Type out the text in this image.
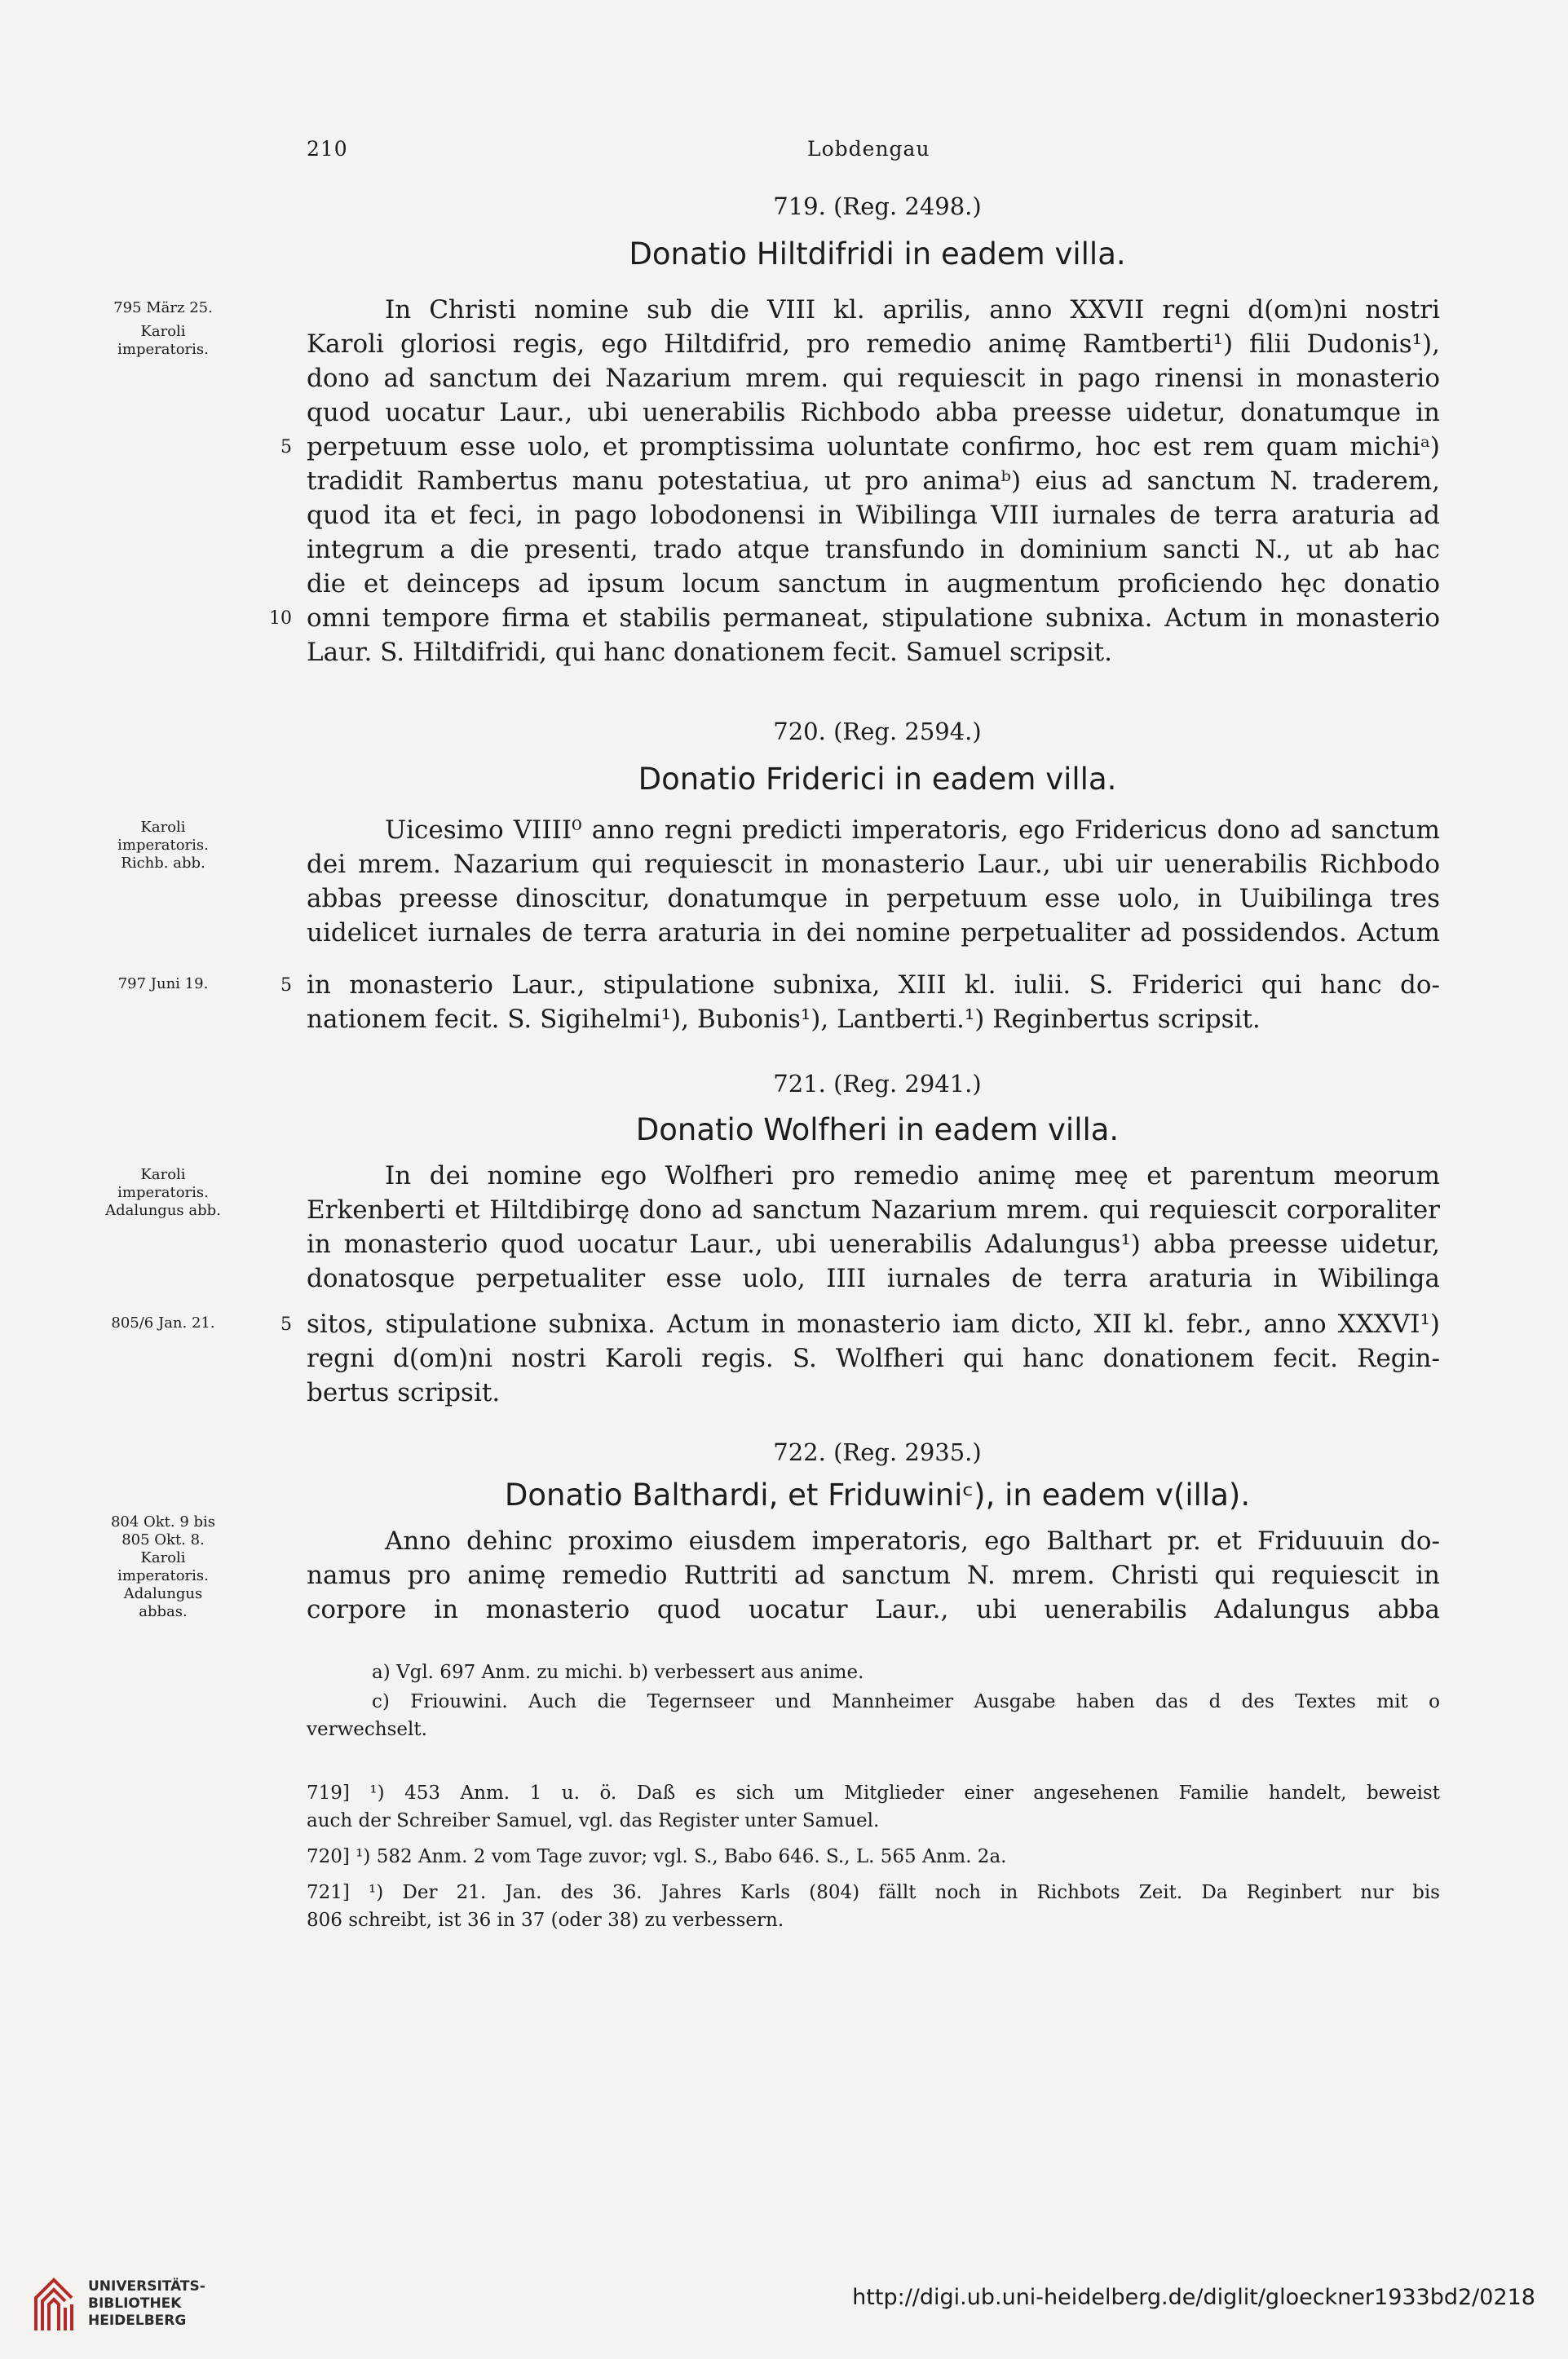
210	Lobdengau
719. (Reg. 2498.)
Donatio Hiltdifridi in eadem villa.
795 März 25.
Karoli
imperatoris.
In Christi nomine sub die VIII kl. aprilis, anno XXVII regni d(om)ni nostri
Karoli gloriosi regis, ego Hiltdifrid, pro remedio animę Ramtberti¹) filii Dudonis¹),
dono ad sanctum dei Nazarium mrem. qui requiescit in pago rinensi in monasterio
quod uocatur Laur., ubi uenerabilis Richbodo abba preesse uidetur, donatumque in
5 perpetuum esse uolo, et promptissima uoluntate confirmo, hoc est rem quam michiᵃ)
tradidit Rambertus manu potestatiua, ut pro animaᵇ) eius ad sanctum N. traderem,
quod ita et feci, in pago lobodonensi in Wibilinga VIII iurnales de terra araturia ad
integrum a die presenti, trado atque transfundo in dominium sancti N., ut ab hac
die et deinceps ad ipsum locum sanctum in augmentum proficiendo hęc donatio
10 omni tempore firma et stabilis permaneat, stipulatione subnixa. Actum in monasterio
Laur. S. Hiltdifridi, qui hanc donationem fecit. Samuel scripsit.
720. (Reg. 2594.)
Donatio Friderici in eadem villa.
Karoli
imperatoris.
Richb. abb.
797 Juni 19.
Uicesimo VIIII⁰ anno regni predicti imperatoris, ego Fridericus dono ad sanctum
dei mrem. Nazarium qui requiescit in monasterio Laur., ubi uir uenerabilis Richbodo
abbas preesse dinoscitur, donatumque in perpetuum esse uolo, in Uuibilinga tres
uidelicet iurnales de terra araturia in dei nomine perpetualiter ad possidendos. Actum
5 in monasterio Laur., stipulatione subnixa, XIII kl. iulii. S. Friderici qui hanc do-
nationem fecit. S. Sigihelmi¹), Bubonis¹), Lantberti.¹) Reginbertus scripsit.
721. (Reg. 2941.)
Donatio Wolfheri in eadem villa.
Karoli
imperatoris.
Adalungus abb.
805/6 Jan. 21.
In dei nomine ego Wolfheri pro remedio animę meę et parentum meorum
Erkenberti et Hiltdibirgę dono ad sanctum Nazarium mrem. qui requiescit corporaliter
in monasterio quod uocatur Laur., ubi uenerabilis Adalungus¹) abba preesse uidetur,
donatosque perpetualiter esse uolo, IIII iurnales de terra araturia in Wibilinga
5 sitos, stipulatione subnixa. Actum in monasterio iam dicto, XII kl. febr., anno XXXVI¹)
regni d(om)ni nostri Karoli regis. S. Wolfheri qui hanc donationem fecit. Regin-
bertus scripsit.
722. (Reg. 2935.)
Donatio Balthardi, et Friduwiniᶜ), in eadem v(illa).
804 Okt. 9 bis
805 Okt. 8.
Karoli
imperatoris.
Adalungus
abbas.
Anno dehinc proximo eiusdem imperatoris, ego Balthart pr. et Friduuuin do-
namus pro animę remedio Ruttriti ad sanctum N. mrem. Christi qui requiescit in
corpore in monasterio quod uocatur Laur., ubi uenerabilis Adalungus abba
a) Vgl. 697 Anm. zu michi. b) verbessert aus anime.
c) Friouwini. Auch die Tegernseer und Mannheimer Ausgabe haben das d des Textes mit o
verwechselt.
719] ¹) 453 Anm. 1 u. ö. Daß es sich um Mitglieder einer angesehenen Familie handelt, beweist
auch der Schreiber Samuel, vgl. das Register unter Samuel.
720] ¹) 582 Anm. 2 vom Tage zuvor; vgl. S., Babo 646. S., L. 565 Anm. 2a.
721] ¹) Der 21. Jan. des 36. Jahres Karls (804) fällt noch in Richbots Zeit. Da Reginbert nur bis
806 schreibt, ist 36 in 37 (oder 38) zu verbessern.
UNIVERSITÄTS-
BIBLIOTHEK
HEIDELBERG
http://digi.ub.uni-heidelberg.de/diglit/gloeckner1933bd2/0218
